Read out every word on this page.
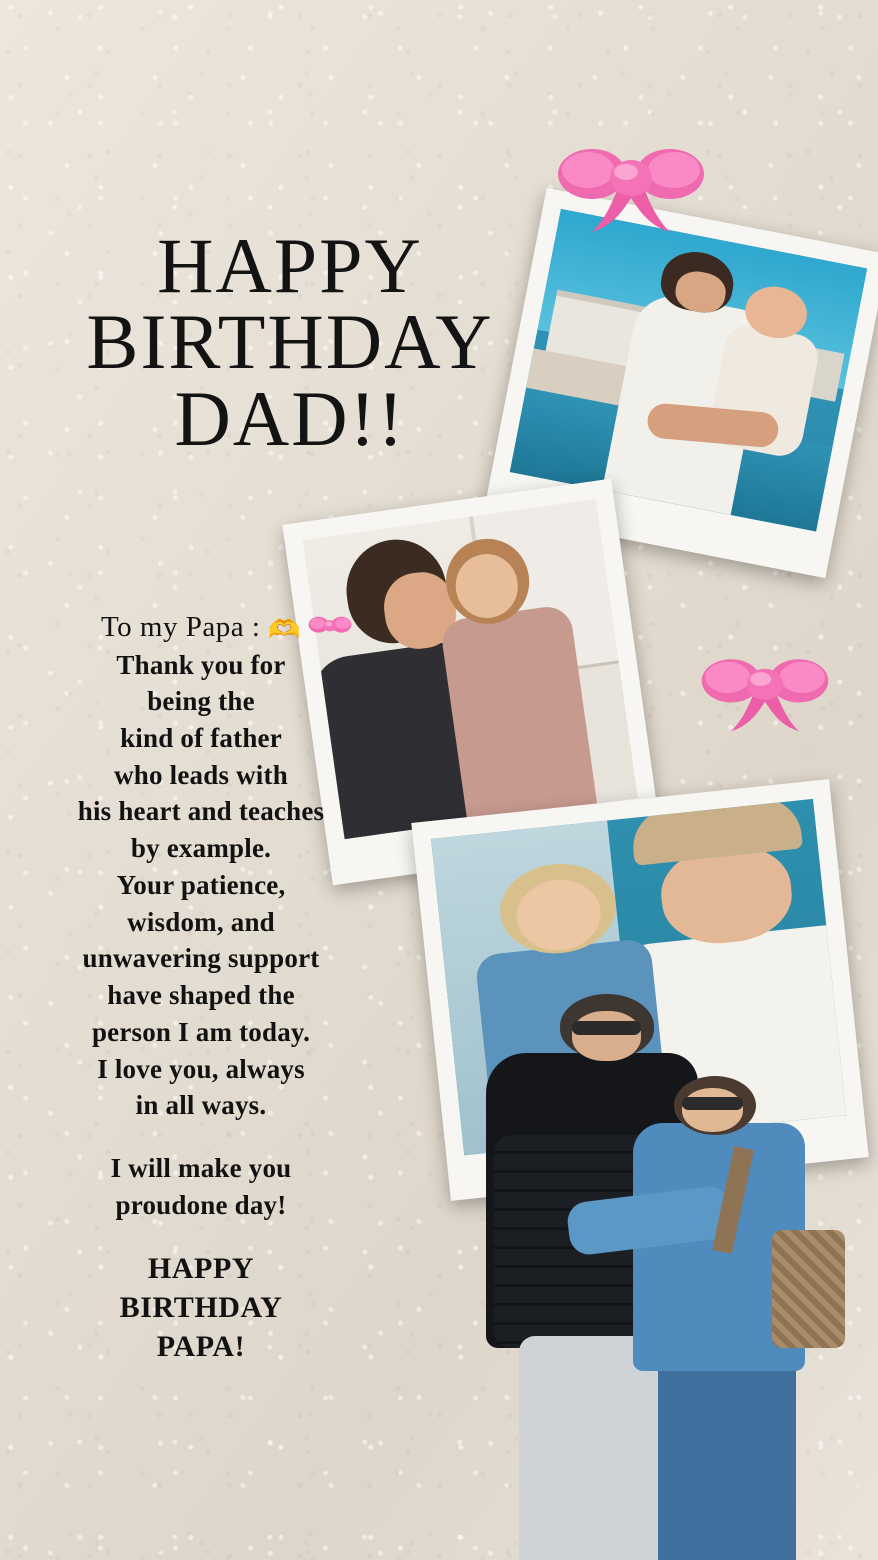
HAPPY
BIRTHDAY
DAD!!
To my Papa : 🫶
Thank you for
being the
kind of father
who leads with
his heart and teaches
by example.
Your patience,
wisdom, and
unwavering support
have shaped the
person I am today.
I love you, always
in all ways.
I will make you
proudone day!
HAPPY
BIRTHDAY
PAPA!
